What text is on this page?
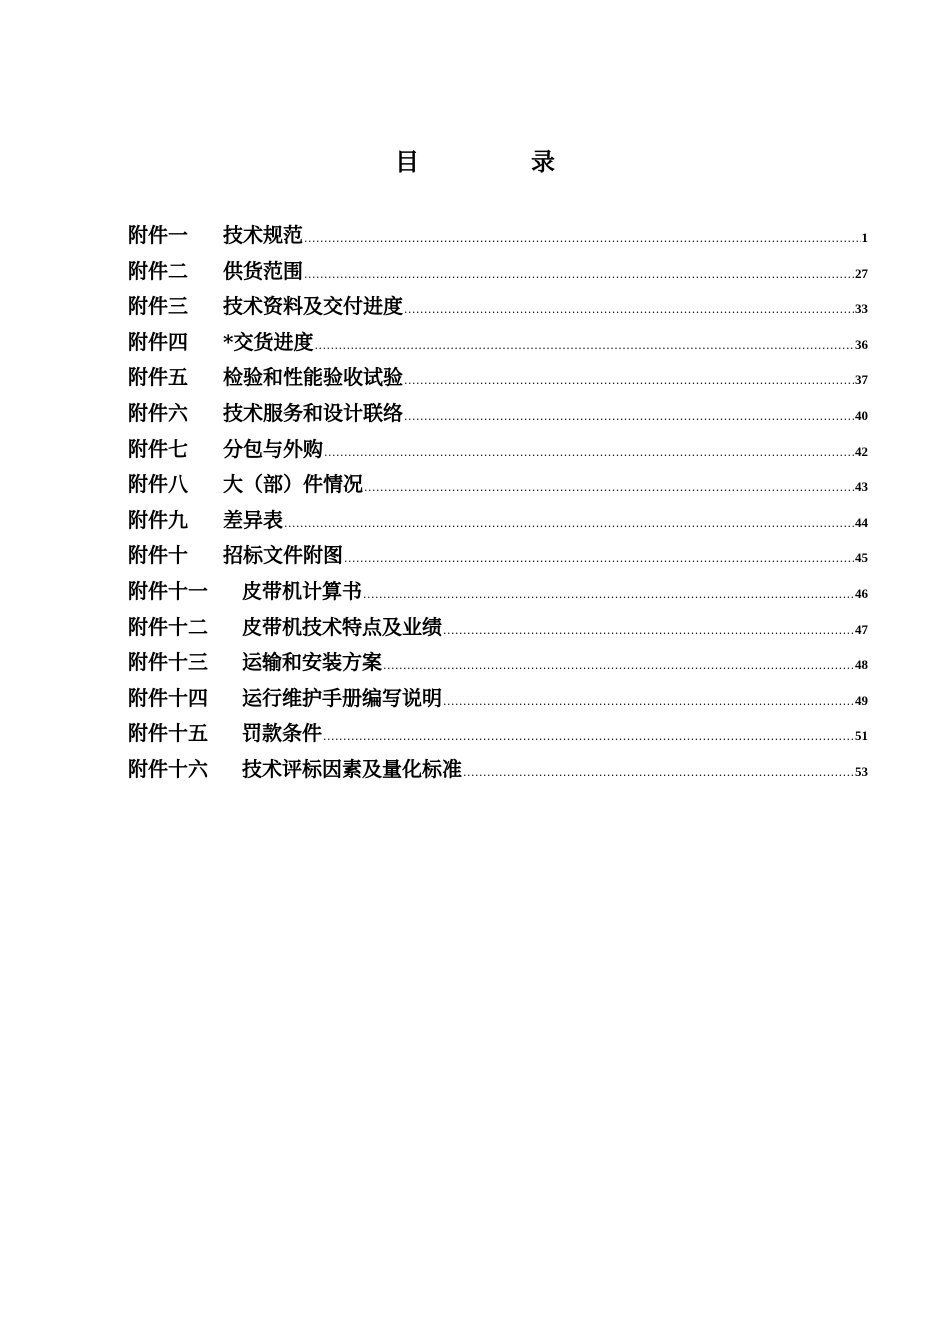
目　录
附件一	技术规范 .....	1
附件二	供货范围 .....	27
附件三	技术资料及交付进度 .....	33
附件四	*交货进度 .....	36
附件五	检验和性能验收试验 .....	37
附件六	技术服务和设计联络 .....	40
附件七	分包与外购 .....	42
附件八	大（部）件情况 .....	43
附件九	差异表 .....	44
附件十	招标文件附图 .....	45
附件十一	皮带机计算书 .....	46
附件十二	皮带机技术特点及业绩 .....	47
附件十三	运输和安装方案 .....	48
附件十四	运行维护手册编写说明 .....	49
附件十五	罚款条件 .....	51
附件十六	技术评标因素及量化标准 .....	53
